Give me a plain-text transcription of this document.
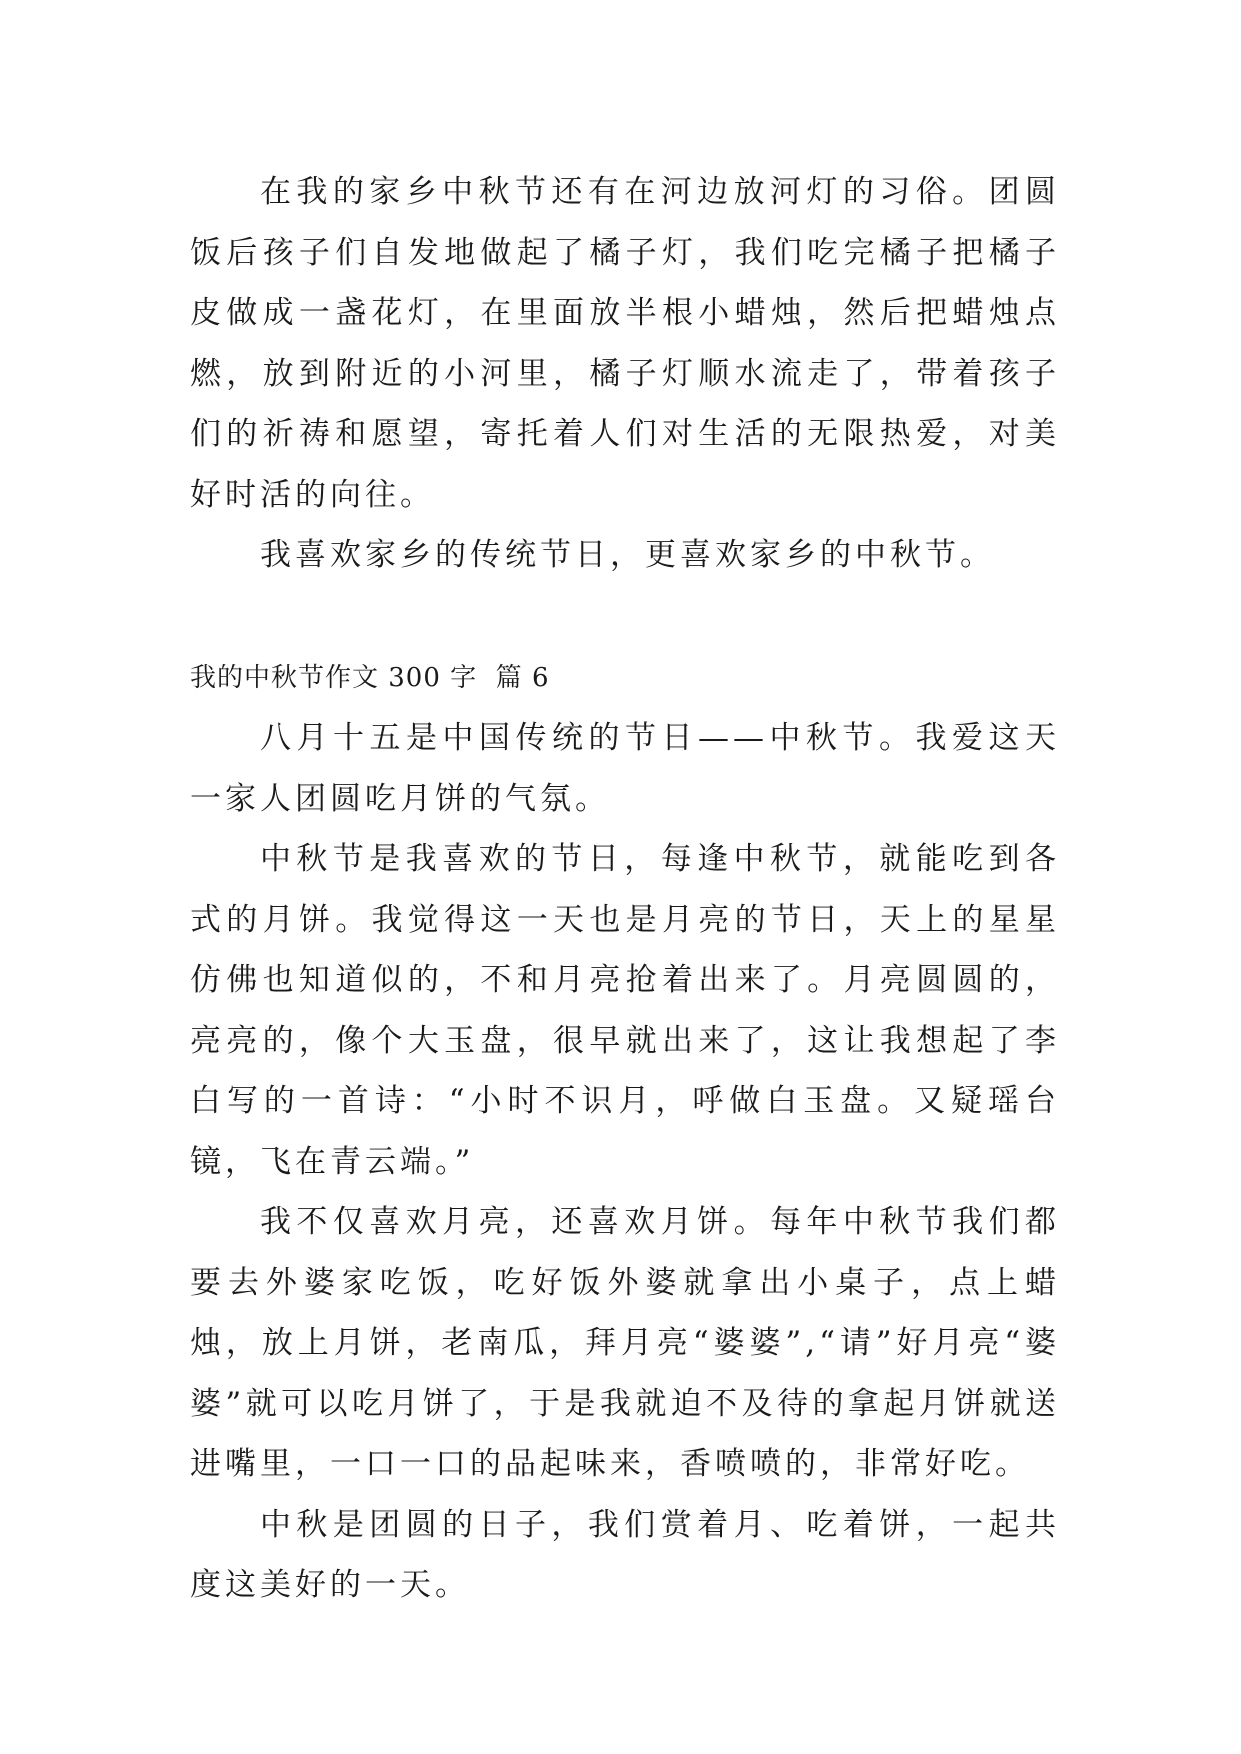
在我的家乡中秋节还有在河边放河灯的习俗。团圆饭后孩子们自发地做起了橘子灯，我们吃完橘子把橘子皮做成一盏花灯，在里面放半根小蜡烛，然后把蜡烛点燃，放到附近的小河里，橘子灯顺水流走了，带着孩子们的祈祷和愿望，寄托着人们对生活的无限热爱，对美好时活的向往。

我喜欢家乡的传统节日，更喜欢家乡的中秋节。

我的中秋节作文 300 字  篇 6

八月十五是中国传统的节日——中秋节。我爱这天一家人团圆吃月饼的气氛。

中秋节是我喜欢的节日，每逢中秋节，就能吃到各式的月饼。我觉得这一天也是月亮的节日，天上的星星仿佛也知道似的，不和月亮抢着出来了。月亮圆圆的，亮亮的，像个大玉盘，很早就出来了，这让我想起了李白写的一首诗：“小时不识月，呼做白玉盘。又疑瑶台镜，飞在青云端。”

我不仅喜欢月亮，还喜欢月饼。每年中秋节我们都要去外婆家吃饭，吃好饭外婆就拿出小桌子，点上蜡烛，放上月饼，老南瓜，拜月亮“婆婆”,“请”好月亮“婆婆”就可以吃月饼了，于是我就迫不及待的拿起月饼就送进嘴里，一口一口的品起味来，香喷喷的，非常好吃。

中秋是团圆的日子，我们赏着月、吃着饼，一起共度这美好的一天。
